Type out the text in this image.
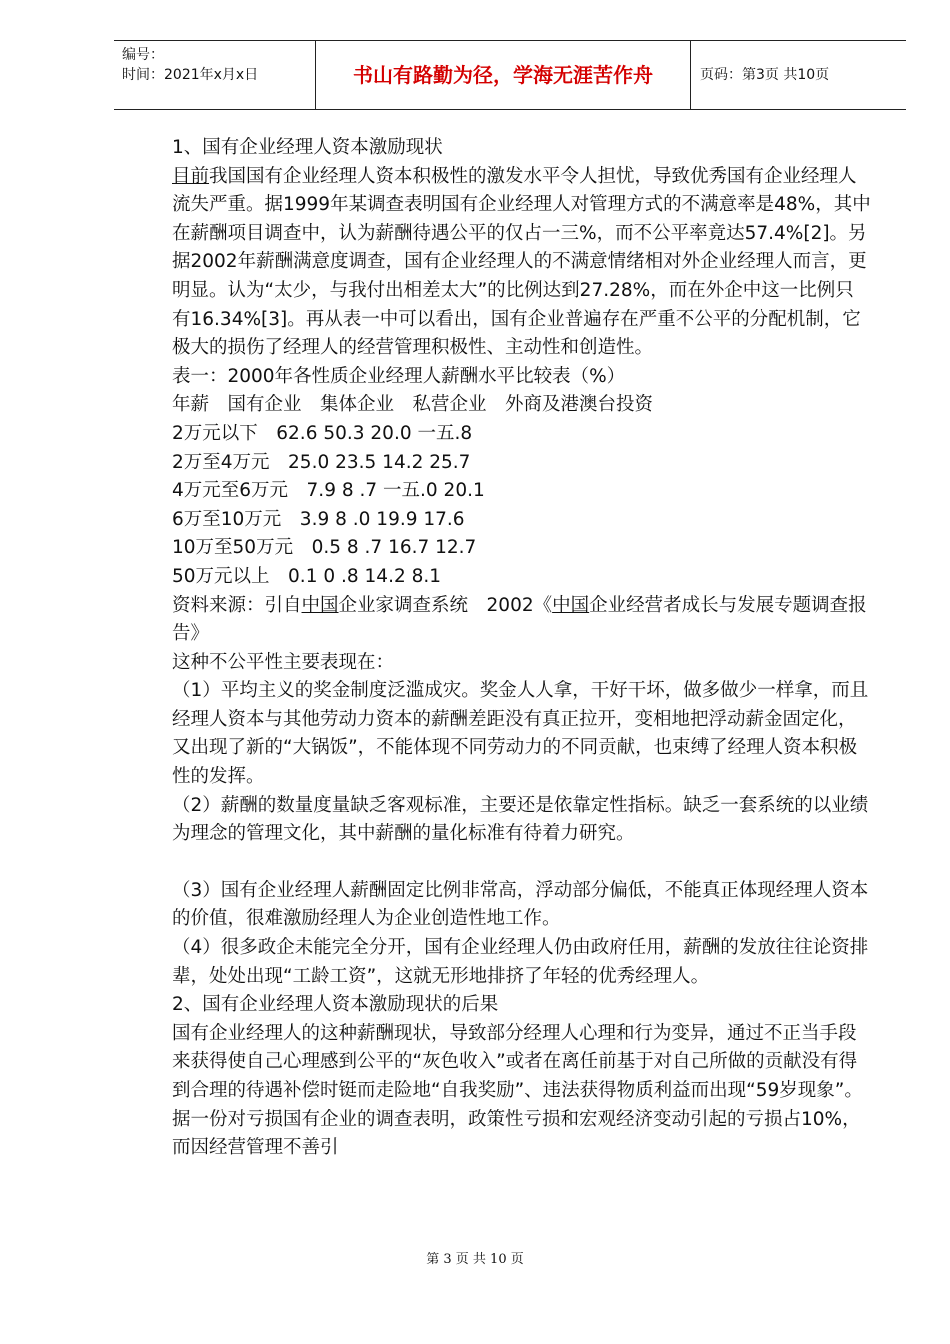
编号：
时间：2021年x月x日	书山有路勤为径，学海无涯苦作舟	页码：第3页 共10页

1、国有企业经理人资本激励现状

目前我国国有企业经理人资本积极性的激发水平令人担忧，导致优秀国有企业经理人流失严重。据1999年某调查表明国有企业经理人对管理方式的不满意率是48%，其中在薪酬项目调查中，认为薪酬待遇公平的仅占一三%，而不公平率竟达57.4%[2]。另据2002年薪酬满意度调查，国有企业经理人的不满意情绪相对外企业经理人而言，更明显。认为“太少，与我付出相差太大”的比例达到27.28%，而在外企中这一比例只有16.34%[3]。再从表一中可以看出，国有企业普遍存在严重不公平的分配机制，它极大的损伤了经理人的经营管理积极性、主动性和创造性。

表一：2000年各性质企业经理人薪酬水平比较表（%）

年薪　国有企业　集体企业　私营企业　外商及港澳台投资

2万元以下　62.6 50.3 20.0 一五.8

2万至4万元　25.0 23.5 14.2 25.7

4万元至6万元　7.9 8 .7 一五.0 20.1

6万至10万元　3.9 8 .0 19.9 17.6

10万至50万元　0.5 8 .7 16.7 12.7

50万元以上　0.1 0 .8 14.2 8.1

资料来源：引自中国企业家调查系统　2002《中国企业经营者成长与发展专题调查报告》

这种不公平性主要表现在：

（1）平均主义的奖金制度泛滥成灾。奖金人人拿，干好干坏，做多做少一样拿，而且经理人资本与其他劳动力资本的薪酬差距没有真正拉开，变相地把浮动薪金固定化，又出现了新的“大锅饭”，不能体现不同劳动力的不同贡献，也束缚了经理人资本积极性的发挥。

（2）薪酬的数量度量缺乏客观标准，主要还是依靠定性指标。缺乏一套系统的以业绩为理念的管理文化，其中薪酬的量化标准有待着力研究。

（3）国有企业经理人薪酬固定比例非常高，浮动部分偏低，不能真正体现经理人资本的价值，很难激励经理人为企业创造性地工作。

（4）很多政企未能完全分开，国有企业经理人仍由政府任用，薪酬的发放往往论资排辈，处处出现“工龄工资”，这就无形地排挤了年轻的优秀经理人。

2、国有企业经理人资本激励现状的后果

国有企业经理人的这种薪酬现状，导致部分经理人心理和行为变异，通过不正当手段来获得使自己心理感到公平的“灰色收入”或者在离任前基于对自己所做的贡献没有得到合理的待遇补偿时铤而走险地“自我奖励”、违法获得物质利益而出现“59岁现象”。据一份对亏损国有企业的调查表明，政策性亏损和宏观经济变动引起的亏损占10%，而因经营管理不善引

第 3 页 共 10 页
